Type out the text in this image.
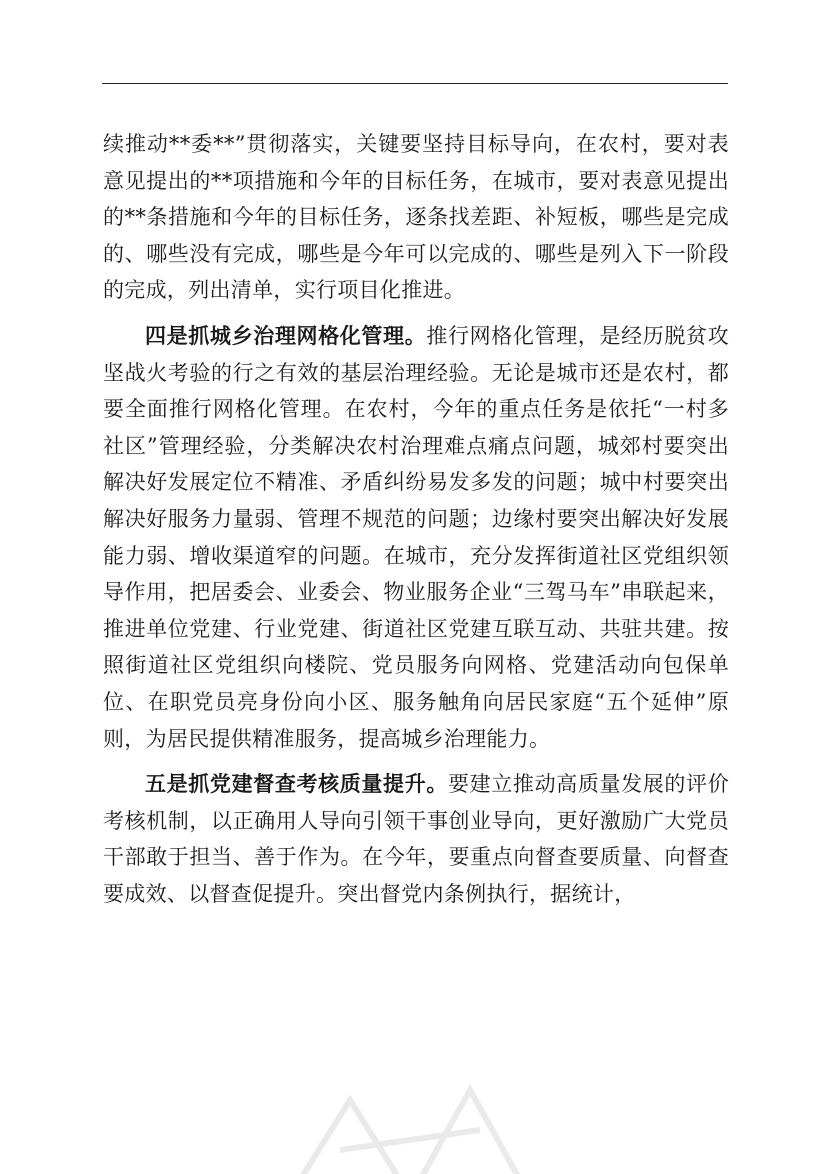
续推动**委**”贯彻落实，关键要坚持目标导向，在农村，要对表意见提出的**项措施和今年的目标任务，在城市，要对表意见提出的**条措施和今年的目标任务，逐条找差距、补短板，哪些是完成的、哪些没有完成，哪些是今年可以完成的、哪些是列入下一阶段的完成，列出清单，实行项目化推进。

四是抓城乡治理网格化管理。推行网格化管理，是经历脱贫攻坚战火考验的行之有效的基层治理经验。无论是城市还是农村，都要全面推行网格化管理。在农村，今年的重点任务是依托“一村多社区”管理经验，分类解决农村治理难点痛点问题，城郊村要突出解决好发展定位不精准、矛盾纠纷易发多发的问题；城中村要突出解决好服务力量弱、管理不规范的问题；边缘村要突出解决好发展能力弱、增收渠道窄的问题。在城市，充分发挥街道社区党组织领导作用，把居委会、业委会、物业服务企业“三驾马车”串联起来，推进单位党建、行业党建、街道社区党建互联互动、共驻共建。按照街道社区党组织向楼院、党员服务向网格、党建活动向包保单位、在职党员亮身份向小区、服务触角向居民家庭“五个延伸”原则，为居民提供精准服务，提高城乡治理能力。

五是抓党建督查考核质量提升。要建立推动高质量发展的评价考核机制，以正确用人导向引领干事创业导向，更好激励广大党员干部敢于担当、善于作为。在今年，要重点向督查要质量、向督查要成效、以督查促提升。突出督党内条例执行，据统计，
